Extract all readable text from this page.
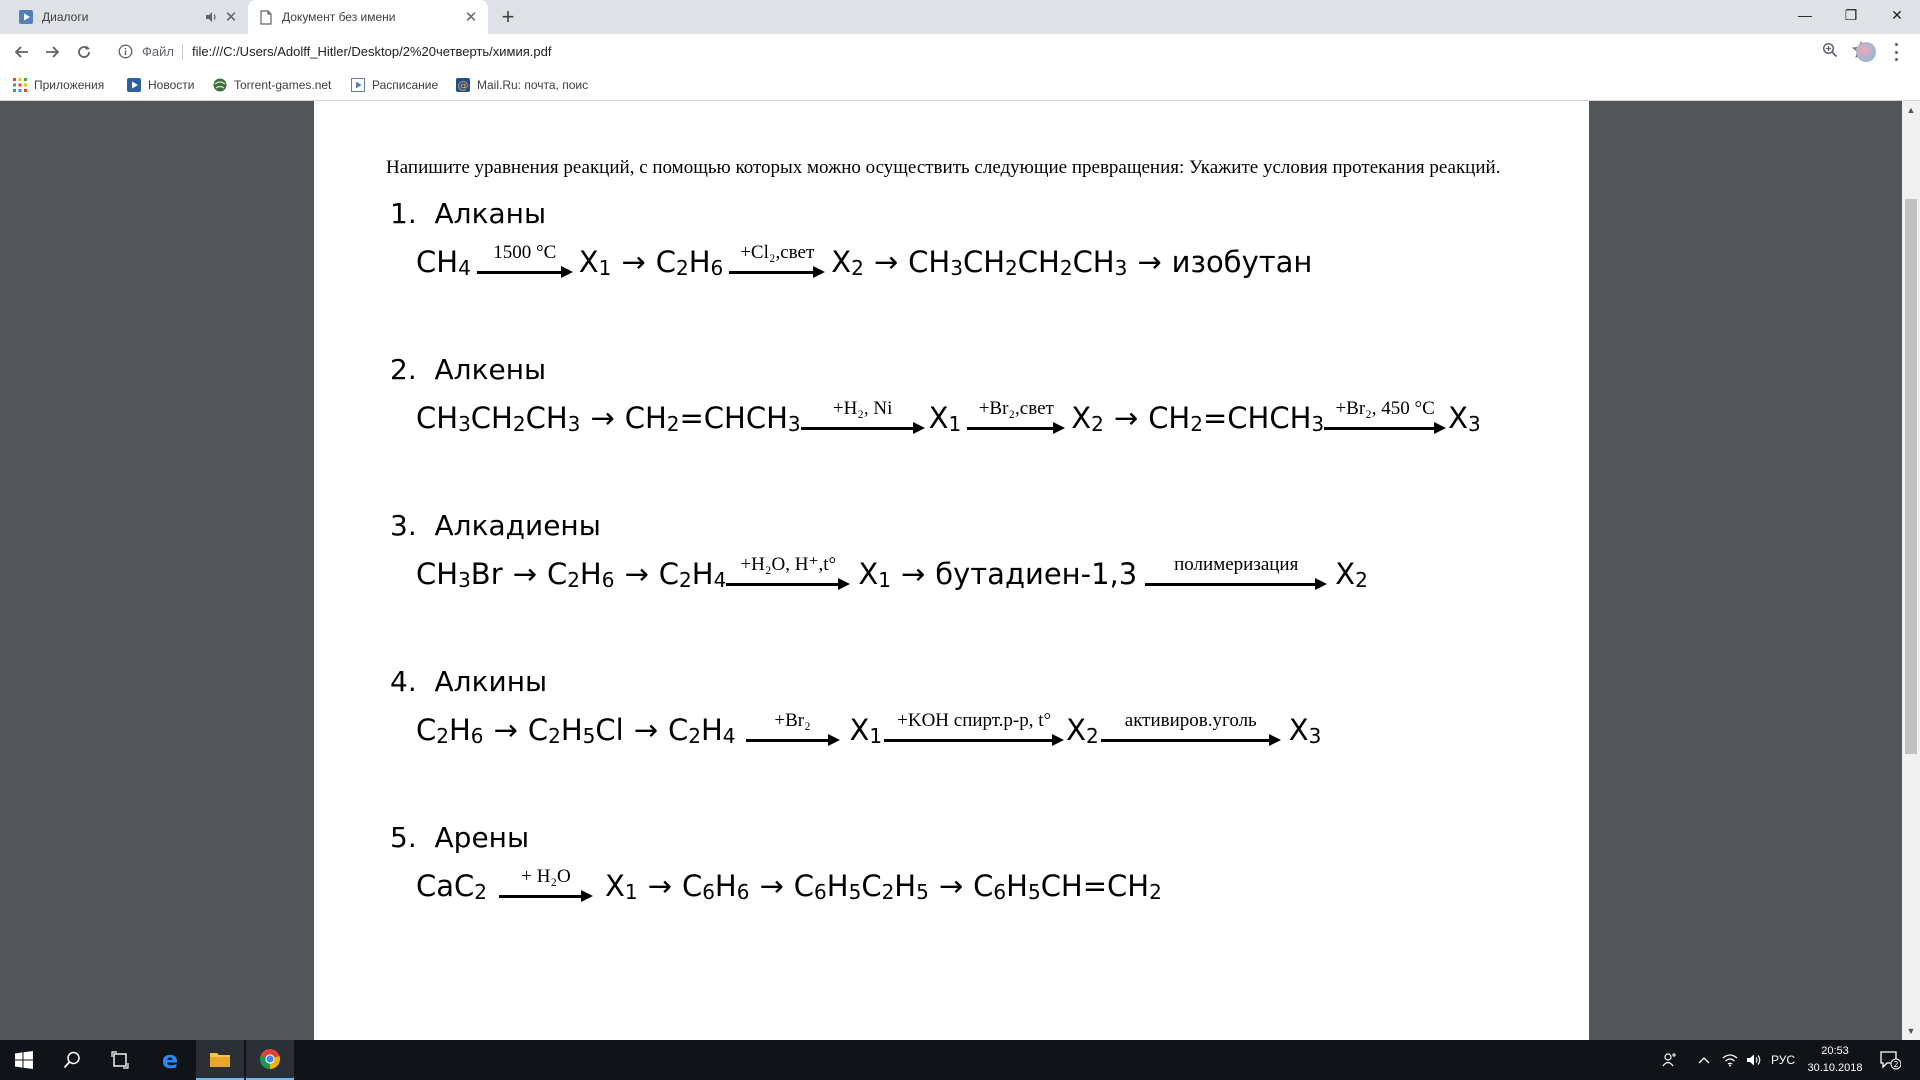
Диалоги	✕	Документ без имени	✕ +	—	❐	✕
Файл file:///C:/Users/Adolff_Hitler/Desktop/2%20четверть/химия.pdf
Приложения	Новости	Torrent-games.net	Расписание @ Mail.Ru: почта, поис
Напишите уравнения реакций, с помощью которых можно осуществить следующие превращения: Укажите условия протекания реакций.
1. Алканы
$CH_4$
1500 °C $X_1 \to C_2H_6$
+Cl₂,свет $X_2 \to CH_3CH_2CH_2CH_3$ → изобутан
2. Алкены
$CH_3CH_2CH_3$ → $CH_2=CHCH_3$
+H₂, Ni $X_1$
+Br₂,свет $X_2$ → $CH_2=CHCH_3$
+Br₂, 450 °C $X_3$
3. Алкадиены
$CH_3Br \to C_2H_6 \to C_2H_4$
+H₂O, H⁺,t° $X_1$ → бутадиен-1,3 полимеризация $X_2$
4. Алкины
$C_2H_6 \to C_2H_5Cl \to C_2H_4$
+Br₂ $X_1$
+KOH спирт.р-р, t° $X_2$
активиров.уголь $X_3$
5. Арены
CaC$_2$
+ H₂O $X_1 \to C_6H_6 \to C_6H_5C_2H_5 \to C_6H_5CH=CH_2$
▲
▼
e	РУС
20:53
30.10.2018	2
